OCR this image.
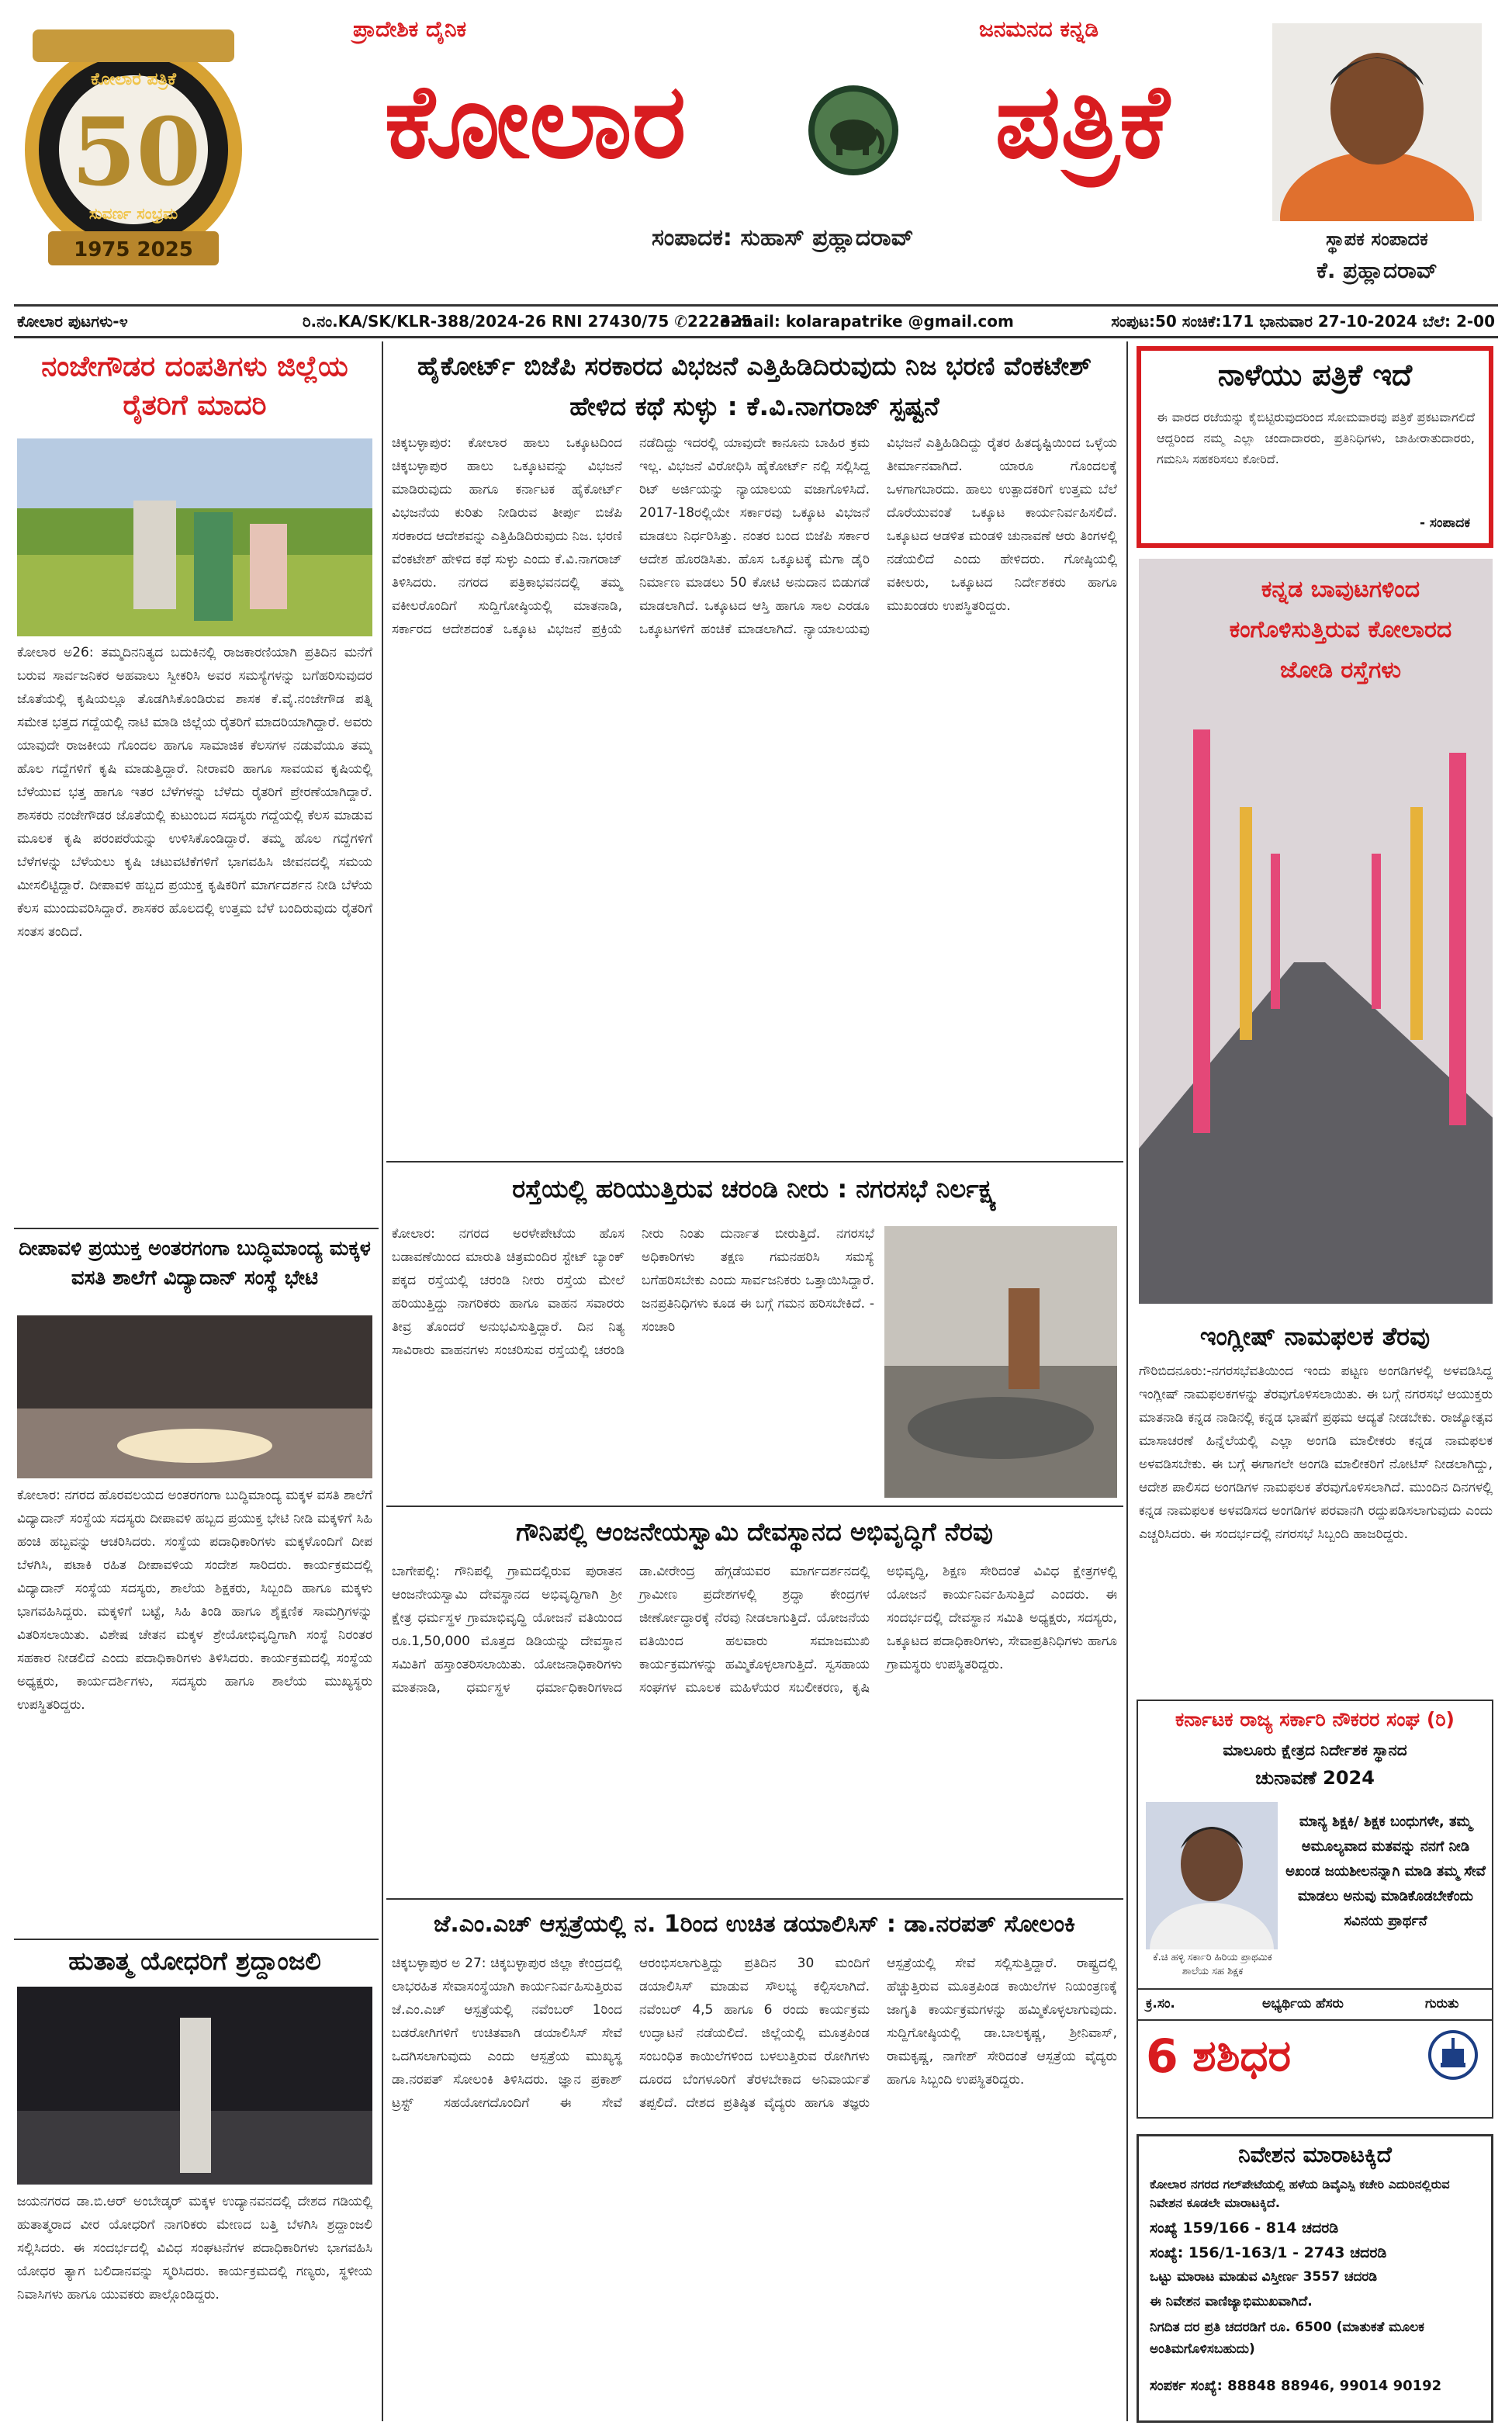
ಕೋಲಾರ ಪತ್ರಿಕೆ
50
ಸುವರ್ಣ ಸಂಭ್ರಮ
1975 2025
ಪ್ರಾದೇಶಿಕ ದೈನಿಕ	ಜನಮನದ ಕನ್ನಡಿ
ಕೋಲಾರ	ಪತ್ರಿಕೆ
ಸಂಪಾದಕ: ಸುಹಾಸ್ ಪ್ರಹ್ಲಾದರಾವ್	ಸ್ಥಾಪಕ ಸಂಪಾದಕ
ಕೆ. ಪ್ರಹ್ಲಾದರಾವ್
ಕೋಲಾರ ಪುಟಗಳು-೪	ರಿ.ನಂ.KA/SK/KLR-388/2024-26 RNI 27430/75 ✆222325
e-mail: kolarapatrike @gmail.com	ಸಂಪುಟ:50 ಸಂಚಿಕೆ:171 ಭಾನುವಾರ 27-10-2024 ಬೆಲೆ: 2-00
ನಂಜೇಗೌಡರ ದಂಪತಿಗಳು ಜಿಲ್ಲೆಯ ರೈತರಿಗೆ ಮಾದರಿ
ಕೋಲಾರ ಅ26: ತಮ್ಮದಿನನಿತ್ಯದ ಬದುಕಿನಲ್ಲಿ ರಾಜಕಾರಣಿಯಾಗಿ ಪ್ರತಿದಿನ ಮನೆಗೆ ಬರುವ ಸಾರ್ವಜನಿಕರ ಅಹವಾಲು ಸ್ವೀಕರಿಸಿ ಅವರ ಸಮಸ್ಯೆಗಳನ್ನು ಬಗೆಹರಿಸುವುದರ ಜೊತೆಯಲ್ಲಿ ಕೃಷಿಯಲ್ಲೂ ತೊಡಗಿಸಿಕೊಂಡಿರುವ ಶಾಸಕ ಕೆ.ವೈ.ನಂಜೇಗೌಡ ಪತ್ನಿ ಸಮೇತ ಭತ್ತದ ಗದ್ದೆಯಲ್ಲಿ ನಾಟಿ ಮಾಡಿ ಜಿಲ್ಲೆಯ ರೈತರಿಗೆ ಮಾದರಿಯಾಗಿದ್ದಾರೆ. ಅವರು ಯಾವುದೇ ರಾಜಕೀಯ ಗೊಂದಲ ಹಾಗೂ ಸಾಮಾಜಿಕ ಕೆಲಸಗಳ ನಡುವೆಯೂ ತಮ್ಮ ಹೊಲ ಗದ್ದೆಗಳಿಗೆ ಕೃಷಿ ಮಾಡುತ್ತಿದ್ದಾರೆ. ನೀರಾವರಿ ಹಾಗೂ ಸಾವಯವ ಕೃಷಿಯಲ್ಲಿ ಬೆಳೆಯುವ ಭತ್ತ ಹಾಗೂ ಇತರ ಬೆಳೆಗಳನ್ನು ಬೆಳೆದು ರೈತರಿಗೆ ಪ್ರೇರಣೆಯಾಗಿದ್ದಾರೆ. ಶಾಸಕರು ನಂಜೇಗೌಡರ ಜೊತೆಯಲ್ಲಿ ಕುಟುಂಬದ ಸದಸ್ಯರು ಗದ್ದೆಯಲ್ಲಿ ಕೆಲಸ ಮಾಡುವ ಮೂಲಕ ಕೃಷಿ ಪರಂಪರೆಯನ್ನು ಉಳಿಸಿಕೊಂಡಿದ್ದಾರೆ. ತಮ್ಮ ಹೊಲ ಗದ್ದೆಗಳಿಗೆ ಬೆಳೆಗಳನ್ನು ಬೆಳೆಯಲು ಕೃಷಿ ಚಟುವಟಿಕೆಗಳಿಗೆ ಭಾಗವಹಿಸಿ ಜೀವನದಲ್ಲಿ ಸಮಯ ಮೀಸಲಿಟ್ಟಿದ್ದಾರೆ. ದೀಪಾವಳಿ ಹಬ್ಬದ ಪ್ರಯುಕ್ತ ಕೃಷಿಕರಿಗೆ ಮಾರ್ಗದರ್ಶನ ನೀಡಿ ಬೆಳೆಯ ಕೆಲಸ ಮುಂದುವರಿಸಿದ್ದಾರೆ. ಶಾಸಕರ ಹೊಲದಲ್ಲಿ ಉತ್ತಮ ಬೆಳೆ ಬಂದಿರುವುದು ರೈತರಿಗೆ ಸಂತಸ ತಂದಿದೆ.
ದೀಪಾವಳಿ ಪ್ರಯುಕ್ತ ಅಂತರಗಂಗಾ ಬುದ್ಧಿಮಾಂದ್ಯ ಮಕ್ಕಳ ವಸತಿ ಶಾಲೆಗೆ ವಿದ್ಯಾದಾನ್ ಸಂಸ್ಥೆ ಭೇಟಿ
ಕೋಲಾರ: ನಗರದ ಹೊರವಲಯದ ಅಂತರಗಂಗಾ ಬುದ್ಧಿಮಾಂದ್ಯ ಮಕ್ಕಳ ವಸತಿ ಶಾಲೆಗೆ ವಿದ್ಯಾದಾನ್ ಸಂಸ್ಥೆಯ ಸದಸ್ಯರು ದೀಪಾವಳಿ ಹಬ್ಬದ ಪ್ರಯುಕ್ತ ಭೇಟಿ ನೀಡಿ ಮಕ್ಕಳಿಗೆ ಸಿಹಿ ಹಂಚಿ ಹಬ್ಬವನ್ನು ಆಚರಿಸಿದರು. ಸಂಸ್ಥೆಯ ಪದಾಧಿಕಾರಿಗಳು ಮಕ್ಕಳೊಂದಿಗೆ ದೀಪ ಬೆಳಗಿಸಿ, ಪಟಾಕಿ ರಹಿತ ದೀಪಾವಳಿಯ ಸಂದೇಶ ಸಾರಿದರು. ಕಾರ್ಯಕ್ರಮದಲ್ಲಿ ವಿದ್ಯಾದಾನ್ ಸಂಸ್ಥೆಯ ಸದಸ್ಯರು, ಶಾಲೆಯ ಶಿಕ್ಷಕರು, ಸಿಬ್ಬಂದಿ ಹಾಗೂ ಮಕ್ಕಳು ಭಾಗವಹಿಸಿದ್ದರು. ಮಕ್ಕಳಿಗೆ ಬಟ್ಟೆ, ಸಿಹಿ ತಿಂಡಿ ಹಾಗೂ ಶೈಕ್ಷಣಿಕ ಸಾಮಗ್ರಿಗಳನ್ನು ವಿತರಿಸಲಾಯಿತು. ವಿಶೇಷ ಚೇತನ ಮಕ್ಕಳ ಶ್ರೇಯೋಭಿವೃದ್ಧಿಗಾಗಿ ಸಂಸ್ಥೆ ನಿರಂತರ ಸಹಕಾರ ನೀಡಲಿದೆ ಎಂದು ಪದಾಧಿಕಾರಿಗಳು ತಿಳಿಸಿದರು. ಕಾರ್ಯಕ್ರಮದಲ್ಲಿ ಸಂಸ್ಥೆಯ ಅಧ್ಯಕ್ಷರು, ಕಾರ್ಯದರ್ಶಿಗಳು, ಸದಸ್ಯರು ಹಾಗೂ ಶಾಲೆಯ ಮುಖ್ಯಸ್ಥರು ಉಪಸ್ಥಿತರಿದ್ದರು.
ಹುತಾತ್ಮ ಯೋಧರಿಗೆ ಶ್ರದ್ದಾಂಜಲಿ
ಜಯನಗರದ ಡಾ.ಬಿ.ಆರ್ ಅಂಬೇಡ್ಕರ್ ಮಕ್ಕಳ ಉದ್ಯಾನವನದಲ್ಲಿ ದೇಶದ ಗಡಿಯಲ್ಲಿ ಹುತಾತ್ಮರಾದ ವೀರ ಯೋಧರಿಗೆ ನಾಗರಿಕರು ಮೇಣದ ಬತ್ತಿ ಬೆಳಗಿಸಿ ಶ್ರದ್ದಾಂಜಲಿ ಸಲ್ಲಿಸಿದರು. ಈ ಸಂದರ್ಭದಲ್ಲಿ ವಿವಿಧ ಸಂಘಟನೆಗಳ ಪದಾಧಿಕಾರಿಗಳು ಭಾಗವಹಿಸಿ ಯೋಧರ ತ್ಯಾಗ ಬಲಿದಾನವನ್ನು ಸ್ಮರಿಸಿದರು. ಕಾರ್ಯಕ್ರಮದಲ್ಲಿ ಗಣ್ಯರು, ಸ್ಥಳೀಯ ನಿವಾಸಿಗಳು ಹಾಗೂ ಯುವಕರು ಪಾಲ್ಗೊಂಡಿದ್ದರು.
ಹೈಕೋರ್ಟ್ ಬಿಜೆಪಿ ಸರಕಾರದ ವಿಭಜನೆ ಎತ್ತಿಹಿಡಿದಿರುವುದು ನಿಜ ಭರಣಿ ವೆಂಕಟೇಶ್ ಹೇಳಿದ ಕಥೆ ಸುಳ್ಳು : ಕೆ.ವಿ.ನಾಗರಾಜ್ ಸ್ಪಷ್ಟನೆ
ಚಿಕ್ಕಬಳ್ಳಾಪುರ: ಕೋಲಾರ ಹಾಲು ಒಕ್ಕೂಟದಿಂದ ಚಿಕ್ಕಬಳ್ಳಾಪುರ ಹಾಲು ಒಕ್ಕೂಟವನ್ನು ವಿಭಜನೆ ಮಾಡಿರುವುದು ಹಾಗೂ ಕರ್ನಾಟಕ ಹೈಕೋರ್ಟ್ ವಿಭಜನೆಯ ಕುರಿತು ನೀಡಿರುವ ತೀರ್ಪು ಬಿಜೆಪಿ ಸರಕಾರದ ಆದೇಶವನ್ನು ಎತ್ತಿಹಿಡಿದಿರುವುದು ನಿಜ. ಭರಣಿ ವೆಂಕಟೇಶ್ ಹೇಳಿದ ಕಥೆ ಸುಳ್ಳು ಎಂದು ಕೆ.ವಿ.ನಾಗರಾಜ್ ತಿಳಿಸಿದರು. ನಗರದ ಪತ್ರಿಕಾಭವನದಲ್ಲಿ ತಮ್ಮ ವಕೀಲರೊಂದಿಗೆ ಸುದ್ದಿಗೋಷ್ಠಿಯಲ್ಲಿ ಮಾತನಾಡಿ, ಸರ್ಕಾರದ ಆದೇಶದಂತೆ ಒಕ್ಕೂಟ ವಿಭಜನೆ ಪ್ರಕ್ರಿಯೆ ನಡೆದಿದ್ದು ಇದರಲ್ಲಿ ಯಾವುದೇ ಕಾನೂನು ಬಾಹಿರ ಕ್ರಮ ಇಲ್ಲ. ವಿಭಜನೆ ವಿರೋಧಿಸಿ ಹೈಕೋರ್ಟ್ ನಲ್ಲಿ ಸಲ್ಲಿಸಿದ್ದ ರಿಟ್ ಅರ್ಜಿಯನ್ನು ನ್ಯಾಯಾಲಯ ವಜಾಗೊಳಿಸಿದೆ. 2017-18ರಲ್ಲಿಯೇ ಸರ್ಕಾರವು ಒಕ್ಕೂಟ ವಿಭಜನೆ ಮಾಡಲು ನಿರ್ಧರಿಸಿತ್ತು. ನಂತರ ಬಂದ ಬಿಜೆಪಿ ಸರ್ಕಾರ ಆದೇಶ ಹೊರಡಿಸಿತು. ಹೊಸ ಒಕ್ಕೂಟಕ್ಕೆ ಮೆಗಾ ಡೈರಿ ನಿರ್ಮಾಣ ಮಾಡಲು 50 ಕೋಟಿ ಅನುದಾನ ಬಿಡುಗಡೆ ಮಾಡಲಾಗಿದೆ. ಒಕ್ಕೂಟದ ಆಸ್ತಿ ಹಾಗೂ ಸಾಲ ಎರಡೂ ಒಕ್ಕೂಟಗಳಿಗೆ ಹಂಚಿಕೆ ಮಾಡಲಾಗಿದೆ. ನ್ಯಾಯಾಲಯವು ವಿಭಜನೆ ಎತ್ತಿಹಿಡಿದಿದ್ದು ರೈತರ ಹಿತದೃಷ್ಟಿಯಿಂದ ಒಳ್ಳೆಯ ತೀರ್ಮಾನವಾಗಿದೆ. ಯಾರೂ ಗೊಂದಲಕ್ಕೆ ಒಳಗಾಗಬಾರದು. ಹಾಲು ಉತ್ಪಾದಕರಿಗೆ ಉತ್ತಮ ಬೆಲೆ ದೊರೆಯುವಂತೆ ಒಕ್ಕೂಟ ಕಾರ್ಯನಿರ್ವಹಿಸಲಿದೆ. ಒಕ್ಕೂಟದ ಆಡಳಿತ ಮಂಡಳಿ ಚುನಾವಣೆ ಆರು ತಿಂಗಳಲ್ಲಿ ನಡೆಯಲಿದೆ ಎಂದು ಹೇಳಿದರು. ಗೋಷ್ಠಿಯಲ್ಲಿ ವಕೀಲರು, ಒಕ್ಕೂಟದ ನಿರ್ದೇಶಕರು ಹಾಗೂ ಮುಖಂಡರು ಉಪಸ್ಥಿತರಿದ್ದರು.
ರಸ್ತೆಯಲ್ಲಿ ಹರಿಯುತ್ತಿರುವ ಚರಂಡಿ ನೀರು : ನಗರಸಭೆ ನಿರ್ಲಕ್ಷ್ಯ
ಕೋಲಾರ: ನಗರದ ಅರಳೇಪೇಟೆಯ ಹೊಸ ಬಡಾವಣೆಯಿಂದ ಮಾರುತಿ ಚಿತ್ರಮಂದಿರ ಸ್ಟೇಟ್ ಬ್ಯಾಂಕ್ ಪಕ್ಕದ ರಸ್ತೆಯಲ್ಲಿ ಚರಂಡಿ ನೀರು ರಸ್ತೆಯ ಮೇಲೆ ಹರಿಯುತ್ತಿದ್ದು ನಾಗರಿಕರು ಹಾಗೂ ವಾಹನ ಸವಾರರು ತೀವ್ರ ತೊಂದರೆ ಅನುಭವಿಸುತ್ತಿದ್ದಾರೆ. ದಿನ ನಿತ್ಯ ಸಾವಿರಾರು ವಾಹನಗಳು ಸಂಚರಿಸುವ ರಸ್ತೆಯಲ್ಲಿ ಚರಂಡಿ ನೀರು ನಿಂತು ದುರ್ನಾತ ಬೀರುತ್ತಿದೆ. ನಗರಸಭೆ ಅಧಿಕಾರಿಗಳು ತಕ್ಷಣ ಗಮನಹರಿಸಿ ಸಮಸ್ಯೆ ಬಗೆಹರಿಸಬೇಕು ಎಂದು ಸಾರ್ವಜನಿಕರು ಒತ್ತಾಯಿಸಿದ್ದಾರೆ. ಜನಪ್ರತಿನಿಧಿಗಳು ಕೂಡ ಈ ಬಗ್ಗೆ ಗಮನ ಹರಿಸಬೇಕಿದೆ. - ಸಂಚಾರಿ
ಗೌನಿಪಲ್ಲಿ ಆಂಜನೇಯಸ್ವಾಮಿ ದೇವಸ್ಥಾನದ ಅಭಿವೃದ್ಧಿಗೆ ನೆರವು
ಬಾಗೇಪಲ್ಲಿ: ಗೌನಿಪಲ್ಲಿ ಗ್ರಾಮದಲ್ಲಿರುವ ಪುರಾತನ ಆಂಜನೇಯಸ್ವಾಮಿ ದೇವಸ್ಥಾನದ ಅಭಿವೃದ್ಧಿಗಾಗಿ ಶ್ರೀ ಕ್ಷೇತ್ರ ಧರ್ಮಸ್ಥಳ ಗ್ರಾಮಾಭಿವೃದ್ಧಿ ಯೋಜನೆ ವತಿಯಿಂದ ರೂ.1,50,000 ಮೊತ್ತದ ಡಿಡಿಯನ್ನು ದೇವಸ್ಥಾನ ಸಮಿತಿಗೆ ಹಸ್ತಾಂತರಿಸಲಾಯಿತು. ಯೋಜನಾಧಿಕಾರಿಗಳು ಮಾತನಾಡಿ, ಧರ್ಮಸ್ಥಳ ಧರ್ಮಾಧಿಕಾರಿಗಳಾದ ಡಾ.ವೀರೇಂದ್ರ ಹೆಗ್ಗಡೆಯವರ ಮಾರ್ಗದರ್ಶನದಲ್ಲಿ ಗ್ರಾಮೀಣ ಪ್ರದೇಶಗಳಲ್ಲಿ ಶ್ರದ್ಧಾ ಕೇಂದ್ರಗಳ ಜೀರ್ಣೋದ್ಧಾರಕ್ಕೆ ನೆರವು ನೀಡಲಾಗುತ್ತಿದೆ. ಯೋಜನೆಯ ವತಿಯಿಂದ ಹಲವಾರು ಸಮಾಜಮುಖಿ ಕಾರ್ಯಕ್ರಮಗಳನ್ನು ಹಮ್ಮಿಕೊಳ್ಳಲಾಗುತ್ತಿದೆ. ಸ್ವಸಹಾಯ ಸಂಘಗಳ ಮೂಲಕ ಮಹಿಳೆಯರ ಸಬಲೀಕರಣ, ಕೃಷಿ ಅಭಿವೃದ್ಧಿ, ಶಿಕ್ಷಣ ಸೇರಿದಂತೆ ವಿವಿಧ ಕ್ಷೇತ್ರಗಳಲ್ಲಿ ಯೋಜನೆ ಕಾರ್ಯನಿರ್ವಹಿಸುತ್ತಿದೆ ಎಂದರು. ಈ ಸಂದರ್ಭದಲ್ಲಿ ದೇವಸ್ಥಾನ ಸಮಿತಿ ಅಧ್ಯಕ್ಷರು, ಸದಸ್ಯರು, ಒಕ್ಕೂಟದ ಪದಾಧಿಕಾರಿಗಳು, ಸೇವಾಪ್ರತಿನಿಧಿಗಳು ಹಾಗೂ ಗ್ರಾಮಸ್ಥರು ಉಪಸ್ಥಿತರಿದ್ದರು.
ಜೆ.ಎಂ.ಎಚ್ ಆಸ್ಪತ್ರೆಯಲ್ಲಿ ನ. 1ರಿಂದ ಉಚಿತ ಡಯಾಲಿಸಿಸ್ : ಡಾ.ನರಪತ್ ಸೋಲಂಕಿ
ಚಿಕ್ಕಬಳ್ಳಾಪುರ ಅ 27: ಚಿಕ್ಕಬಳ್ಳಾಪುರ ಜಿಲ್ಲಾ ಕೇಂದ್ರದಲ್ಲಿ ಲಾಭರಹಿತ ಸೇವಾಸಂಸ್ಥೆಯಾಗಿ ಕಾರ್ಯನಿರ್ವಹಿಸುತ್ತಿರುವ ಜೆ.ಎಂ.ಎಚ್ ಆಸ್ಪತ್ರೆಯಲ್ಲಿ ನವೆಂಬರ್ 1ರಿಂದ ಬಡರೋಗಿಗಳಿಗೆ ಉಚಿತವಾಗಿ ಡಯಾಲಿಸಿಸ್ ಸೇವೆ ಒದಗಿಸಲಾಗುವುದು ಎಂದು ಆಸ್ಪತ್ರೆಯ ಮುಖ್ಯಸ್ಥ ಡಾ.ನರಪತ್ ಸೋಲಂಕಿ ತಿಳಿಸಿದರು. ಜ್ಞಾನ ಪ್ರಕಾಶ್ ಟ್ರಸ್ಟ್ ಸಹಯೋಗದೊಂದಿಗೆ ಈ ಸೇವೆ ಆರಂಭಿಸಲಾಗುತ್ತಿದ್ದು ಪ್ರತಿದಿನ 30 ಮಂದಿಗೆ ಡಯಾಲಿಸಿಸ್ ಮಾಡುವ ಸೌಲಭ್ಯ ಕಲ್ಪಿಸಲಾಗಿದೆ. ನವೆಂಬರ್ 4,5 ಹಾಗೂ 6 ರಂದು ಕಾರ್ಯಕ್ರಮ ಉದ್ಘಾಟನೆ ನಡೆಯಲಿದೆ. ಜಿಲ್ಲೆಯಲ್ಲಿ ಮೂತ್ರಪಿಂಡ ಸಂಬಂಧಿತ ಕಾಯಿಲೆಗಳಿಂದ ಬಳಲುತ್ತಿರುವ ರೋಗಿಗಳು ದೂರದ ಬೆಂಗಳೂರಿಗೆ ತೆರಳಬೇಕಾದ ಅನಿವಾರ್ಯತೆ ತಪ್ಪಲಿದೆ. ದೇಶದ ಪ್ರತಿಷ್ಠಿತ ವೈದ್ಯರು ಹಾಗೂ ತಜ್ಞರು ಆಸ್ಪತ್ರೆಯಲ್ಲಿ ಸೇವೆ ಸಲ್ಲಿಸುತ್ತಿದ್ದಾರೆ. ರಾಷ್ಟ್ರದಲ್ಲಿ ಹೆಚ್ಚುತ್ತಿರುವ ಮೂತ್ರಪಿಂಡ ಕಾಯಿಲೆಗಳ ನಿಯಂತ್ರಣಕ್ಕೆ ಜಾಗೃತಿ ಕಾರ್ಯಕ್ರಮಗಳನ್ನು ಹಮ್ಮಿಕೊಳ್ಳಲಾಗುವುದು. ಸುದ್ದಿಗೋಷ್ಠಿಯಲ್ಲಿ ಡಾ.ಬಾಲಕೃಷ್ಣ, ಶ್ರೀನಿವಾಸ್, ರಾಮಕೃಷ್ಣ, ನಾಗೇಶ್ ಸೇರಿದಂತೆ ಆಸ್ಪತ್ರೆಯ ವೈದ್ಯರು ಹಾಗೂ ಸಿಬ್ಬಂದಿ ಉಪಸ್ಥಿತರಿದ್ದರು.
ನಾಳೆಯು ಪತ್ರಿಕೆ ಇದೆ
ಈ ವಾರದ ರಜೆಯನ್ನು ಕೈಬಿಟ್ಟಿರುವುದರಿಂದ ಸೋಮವಾರವು ಪತ್ರಿಕೆ ಪ್ರಕಟವಾಗಲಿದೆ ಆದ್ದರಿಂದ ನಮ್ಮ ಎಲ್ಲಾ ಚಂದಾದಾರರು, ಪ್ರತಿನಿಧಿಗಳು, ಜಾಹೀರಾತುದಾರರು, ಗಮನಿಸಿ ಸಹಕರಿಸಲು ಕೋರಿದೆ.
- ಸಂಪಾದಕ
ಕನ್ನಡ ಬಾವುಟಗಳಿಂದ ಕಂಗೊಳಿಸುತ್ತಿರುವ ಕೋಲಾರದ ಜೋಡಿ ರಸ್ತೆಗಳು
ಇಂಗ್ಲೀಷ್ ನಾಮಫಲಕ ತೆರವು
ಗೌರಿಬಿದನೂರು:-ನಗರಸಭೆವತಿಯಿಂದ ಇಂದು ಪಟ್ಟಣ ಅಂಗಡಿಗಳಲ್ಲಿ ಅಳವಡಿಸಿದ್ದ ಇಂಗ್ಲೀಷ್ ನಾಮಫಲಕಗಳನ್ನು ತೆರವುಗೊಳಿಸಲಾಯಿತು. ಈ ಬಗ್ಗೆ ನಗರಸಭೆ ಆಯುಕ್ತರು ಮಾತನಾಡಿ ಕನ್ನಡ ನಾಡಿನಲ್ಲಿ ಕನ್ನಡ ಭಾಷೆಗೆ ಪ್ರಥಮ ಆದ್ಯತೆ ನೀಡಬೇಕು. ರಾಜ್ಯೋತ್ಸವ ಮಾಸಾಚರಣೆ ಹಿನ್ನೆಲೆಯಲ್ಲಿ ಎಲ್ಲಾ ಅಂಗಡಿ ಮಾಲೀಕರು ಕನ್ನಡ ನಾಮಫಲಕ ಅಳವಡಿಸಬೇಕು. ಈ ಬಗ್ಗೆ ಈಗಾಗಲೇ ಅಂಗಡಿ ಮಾಲೀಕರಿಗೆ ನೋಟಿಸ್ ನೀಡಲಾಗಿದ್ದು, ಆದೇಶ ಪಾಲಿಸದ ಅಂಗಡಿಗಳ ನಾಮಫಲಕ ತೆರವುಗೊಳಿಸಲಾಗಿದೆ. ಮುಂದಿನ ದಿನಗಳಲ್ಲಿ ಕನ್ನಡ ನಾಮಫಲಕ ಅಳವಡಿಸದ ಅಂಗಡಿಗಳ ಪರವಾನಗಿ ರದ್ದುಪಡಿಸಲಾಗುವುದು ಎಂದು ಎಚ್ಚರಿಸಿದರು. ಈ ಸಂದರ್ಭದಲ್ಲಿ ನಗರಸಭೆ ಸಿಬ್ಬಂದಿ ಹಾಜರಿದ್ದರು.
ಕರ್ನಾಟಕ ರಾಜ್ಯ ಸರ್ಕಾರಿ ನೌಕರರ ಸಂಘ (ರಿ)
ಮಾಲೂರು ಕ್ಷೇತ್ರದ ನಿರ್ದೇಶಕ ಸ್ಥಾನದ
ಚುನಾವಣೆ 2024
ಕೆ.ಚಿ ಹಳ್ಳಿ ಸರ್ಕಾರಿ ಹಿರಿಯ ಪ್ರಾಥಮಿಕ ಶಾಲೆಯ ಸಹ ಶಿಕ್ಷಕ
ಮಾನ್ಯ ಶಿಕ್ಷಕಿ/ ಶಿಕ್ಷಕ ಬಂಧುಗಳೇ, ತಮ್ಮ ಅಮೂಲ್ಯವಾದ ಮತವನ್ನು ನನಗೆ ನೀಡಿ ಅಖಂಡ ಜಯಶೀಲನನ್ನಾಗಿ ಮಾಡಿ ತಮ್ಮ ಸೇವೆ ಮಾಡಲು ಅನುವು ಮಾಡಿಕೊಡಬೇಕೆಂದು ಸವಿನಯ ಪ್ರಾರ್ಥನೆ
ಕ್ರ.ಸಂ.	ಅಭ್ಯರ್ಥಿಯ ಹೆಸರು	ಗುರುತು
6 ಶಶಿಧರ
ನಿವೇಶನ ಮಾರಾಟಕ್ಕಿದೆ
ಕೋಲಾರ ನಗರದ ಗಲ್‌ಪೇಟೆಯಲ್ಲಿ ಹಳೆಯ ಡಿವೈಎಸ್ಪಿ ಕಚೇರಿ ಎದುರಿನಲ್ಲಿರುವ ನಿವೇಶನ ಕೂಡಲೇ ಮಾರಾಟಕ್ಕಿದೆ.
ಸಂಖ್ಯೆ 159/166 - 814 ಚದರಡಿ
ಸಂಖ್ಯೆ: 156/1-163/1 - 2743 ಚದರಡಿ
ಒಟ್ಟು ಮಾರಾಟ ಮಾಡುವ ವಿಸ್ತೀರ್ಣ 3557 ಚದರಡಿ
ಈ ನಿವೇಶನ ವಾಣಿಜ್ಯಾಭಿಮುಖವಾಗಿದೆ.
ನಿಗದಿತ ದರ ಪ್ರತಿ ಚದರಡಿಗೆ ರೂ. 6500 (ಮಾತುಕತೆ ಮೂಲಕ ಅಂತಿಮಗೊಳಿಸಬಹುದು)
ಸಂಪರ್ಕ ಸಂಖ್ಯೆ: 88848 88946, 99014 90192
